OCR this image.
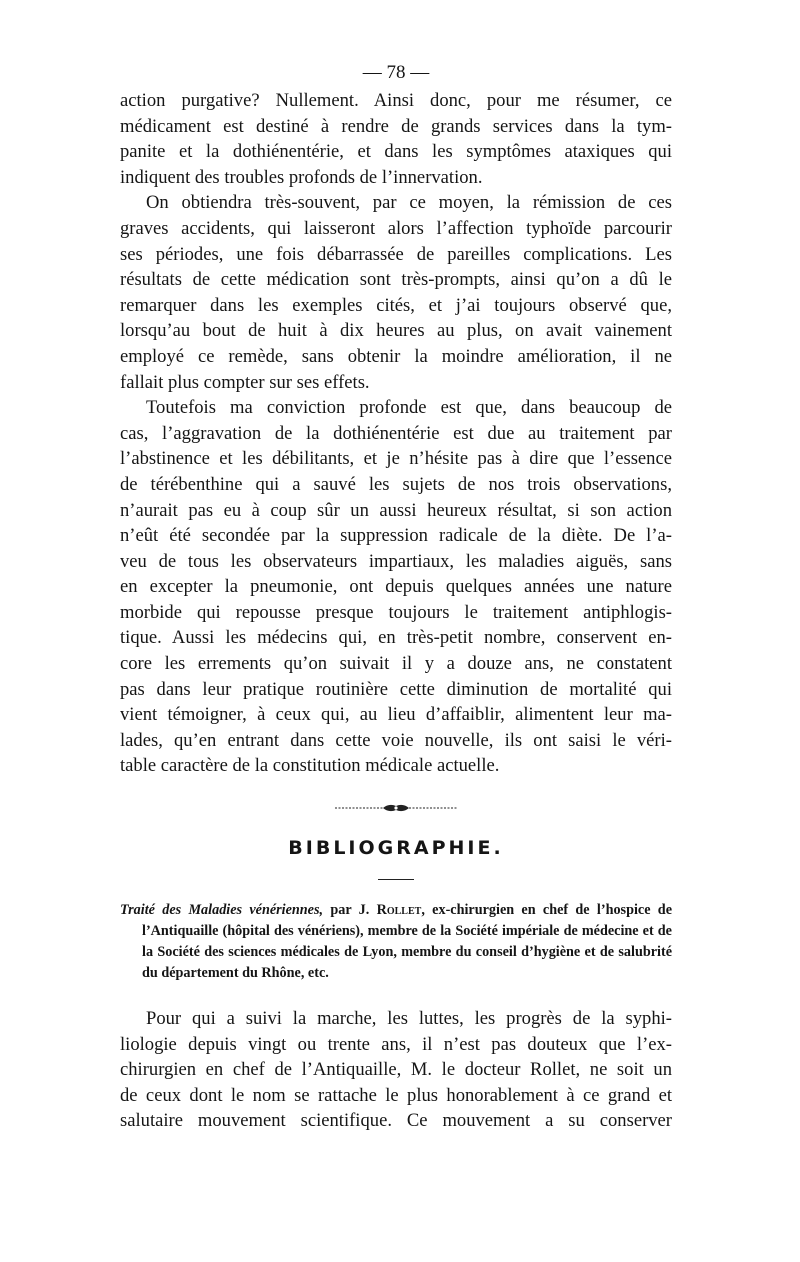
— 78 —
action purgative? Nullement. Ainsi donc, pour me résumer, ce
médicament est destiné à rendre de grands services dans la tym-
panite et la dothiénentérie, et dans les symptômes ataxiques qui
indiquent des troubles profonds de l’innervation.
On obtiendra très-souvent, par ce moyen, la rémission de ces
graves accidents, qui laisseront alors l’affection typhoïde parcourir
ses périodes, une fois débarrassée de pareilles complications. Les
résultats de cette médication sont très-prompts, ainsi qu’on a dû le
remarquer dans les exemples cités, et j’ai toujours observé que,
lorsqu’au bout de huit à dix heures au plus, on avait vainement
employé ce remède, sans obtenir la moindre amélioration, il ne
fallait plus compter sur ses effets.
Toutefois ma conviction profonde est que, dans beaucoup de
cas, l’aggravation de la dothiénentérie est due au traitement par
l’abstinence et les débilitants, et je n’hésite pas à dire que l’essence
de térébenthine qui a sauvé les sujets de nos trois observations,
n’aurait pas eu à coup sûr un aussi heureux résultat, si son action
n’eût été secondée par la suppression radicale de la diète. De l’a-
veu de tous les observateurs impartiaux, les maladies aiguës, sans
en excepter la pneumonie, ont depuis quelques années une nature
morbide qui repousse presque toujours le traitement antiphlogis-
tique. Aussi les médecins qui, en très-petit nombre, conservent en-
core les errements qu’on suivait il y a douze ans, ne constatent
pas dans leur pratique routinière cette diminution de mortalité qui
vient témoigner, à ceux qui, au lieu d’affaiblir, alimentent leur ma-
lades, qu’en entrant dans cette voie nouvelle, ils ont saisi le véri-
table caractère de la constitution médicale actuelle.
BIBLIOGRAPHIE.
Traité des Maladies vénériennes, par J. Rollet, ex-chirurgien en chef de l’hospice de l’Antiquaille (hôpital des vénériens), membre de la Société impériale de médecine et de la Société des sciences médicales de Lyon, membre du conseil d’hygiène et de salubrité du département du Rhône, etc.
Pour qui a suivi la marche, les luttes, les progrès de la syphi-
liologie depuis vingt ou trente ans, il n’est pas douteux que l’ex-
chirurgien en chef de l’Antiquaille, M. le docteur Rollet, ne soit un
de ceux dont le nom se rattache le plus honorablement à ce grand et
salutaire mouvement scientifique. Ce mouvement a su conserver
